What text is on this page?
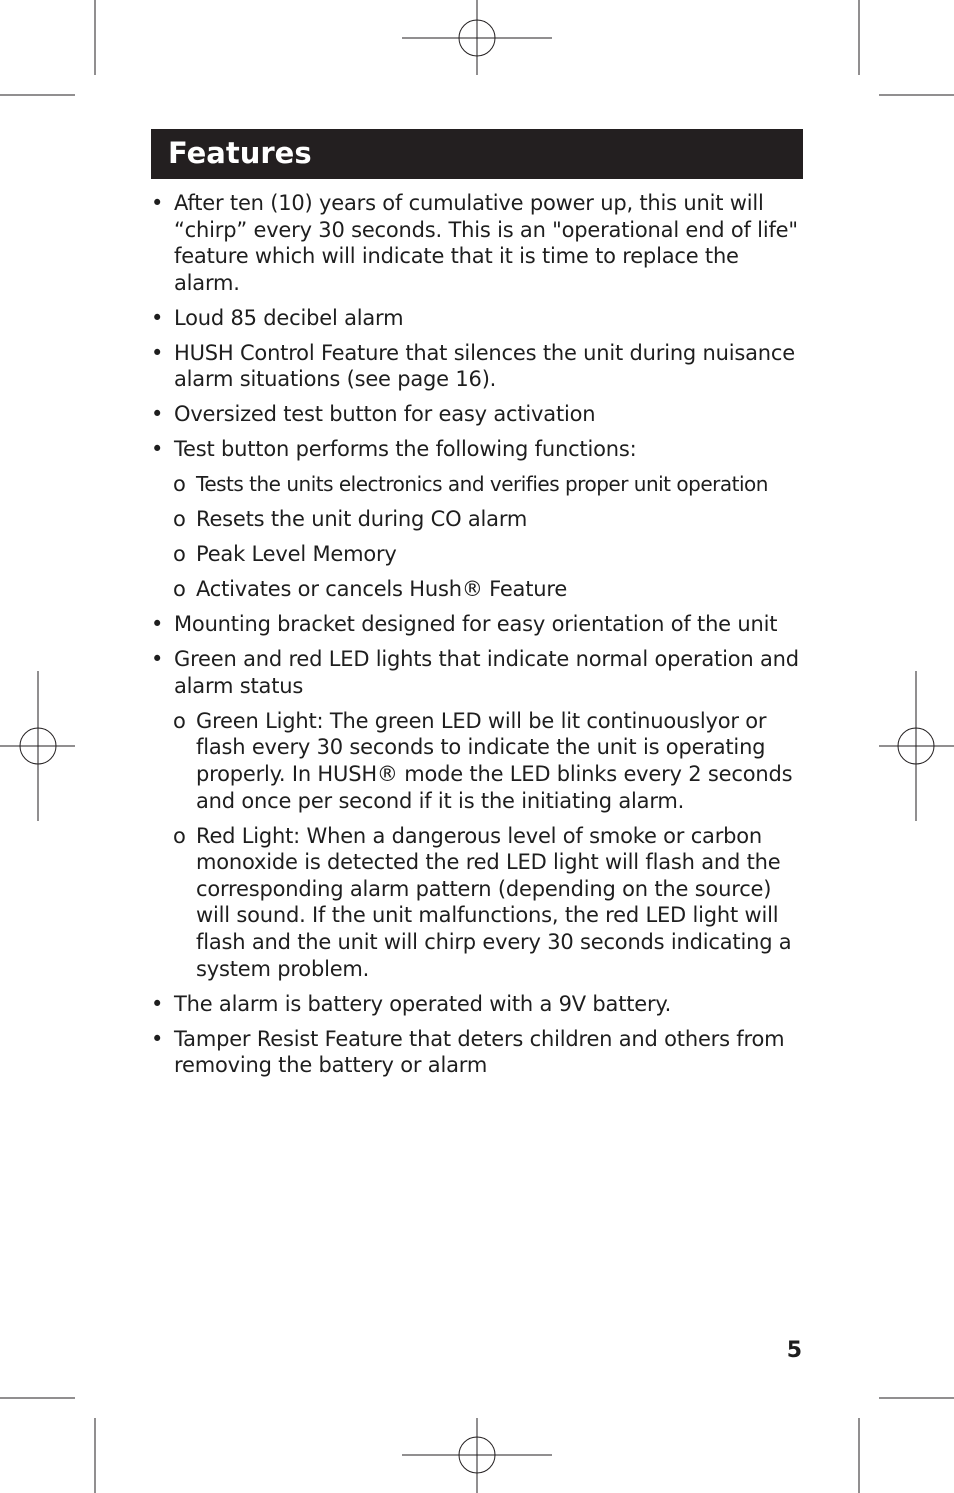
Features
• After ten (10) years of cumulative power up, this unit will “chirp” every 30 seconds. This is an "operational end of life" feature which will indicate that it is time to replace the alarm.
• Loud 85 decibel alarm
• HUSH Control Feature that silences the unit during nuisance alarm situations (see page 16).
• Oversized test button for easy activation
• Test button performs the following functions:
o Tests the units electronics and verifies proper unit operation
o Resets the unit during CO alarm
o Peak Level Memory
o Activates or cancels Hush® Feature
• Mounting bracket designed for easy orientation of the unit
• Green and red LED lights that indicate normal operation and alarm status
o Green Light: The green LED will be lit continuouslyor or flash every 30 seconds to indicate the unit is operating properly. In HUSH® mode the LED blinks every 2 seconds and once per second if it is the initiating alarm.
o Red Light: When a dangerous level of smoke or carbon monoxide is detected the red LED light will flash and the corresponding alarm pattern (depending on the source) will sound. If the unit malfunctions, the red LED light will flash and the unit will chirp every 30 seconds indicating a system problem.
• The alarm is battery operated with a 9V battery.
• Tamper Resist Feature that deters children and others from removing the battery or alarm
5
